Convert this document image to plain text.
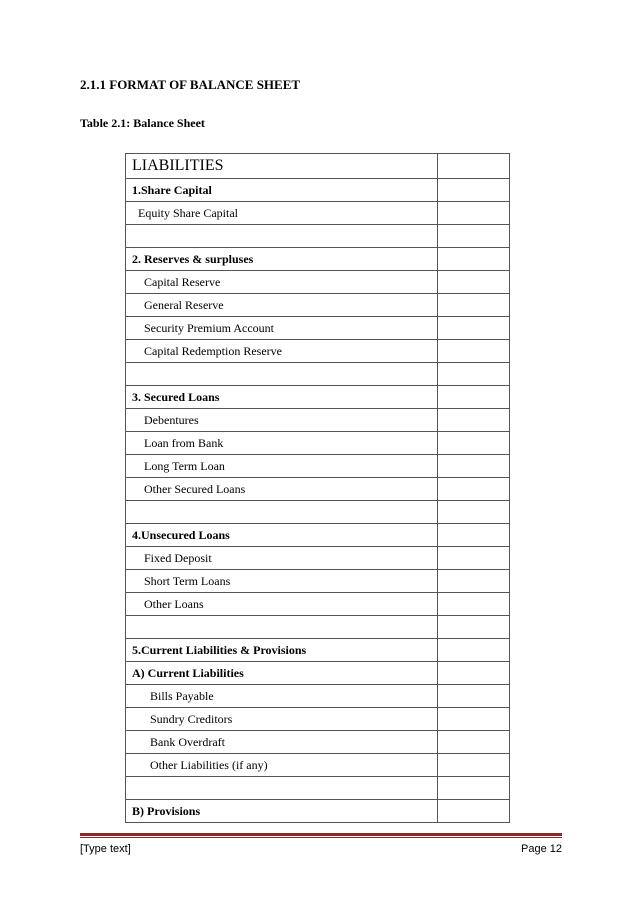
2.1.1 FORMAT OF BALANCE SHEET
Table 2.1: Balance Sheet
LIABILITIES	
1.Share Capital	
Equity Share Capital	

2. Reserves & surpluses	
Capital Reserve	
General Reserve	
Security Premium Account	
Capital Redemption Reserve	

3. Secured Loans	
Debentures	
Loan from Bank	
Long Term Loan	
Other Secured Loans	

4.Unsecured Loans	
Fixed Deposit	
Short Term Loans	
Other Loans	

5.Current Liabilities & Provisions	
A) Current Liabilities	
Bills Payable	
Sundry Creditors	
Bank Overdraft	
Other Liabilities (if any)	

B) Provisions	
[Type text]	Page 12
